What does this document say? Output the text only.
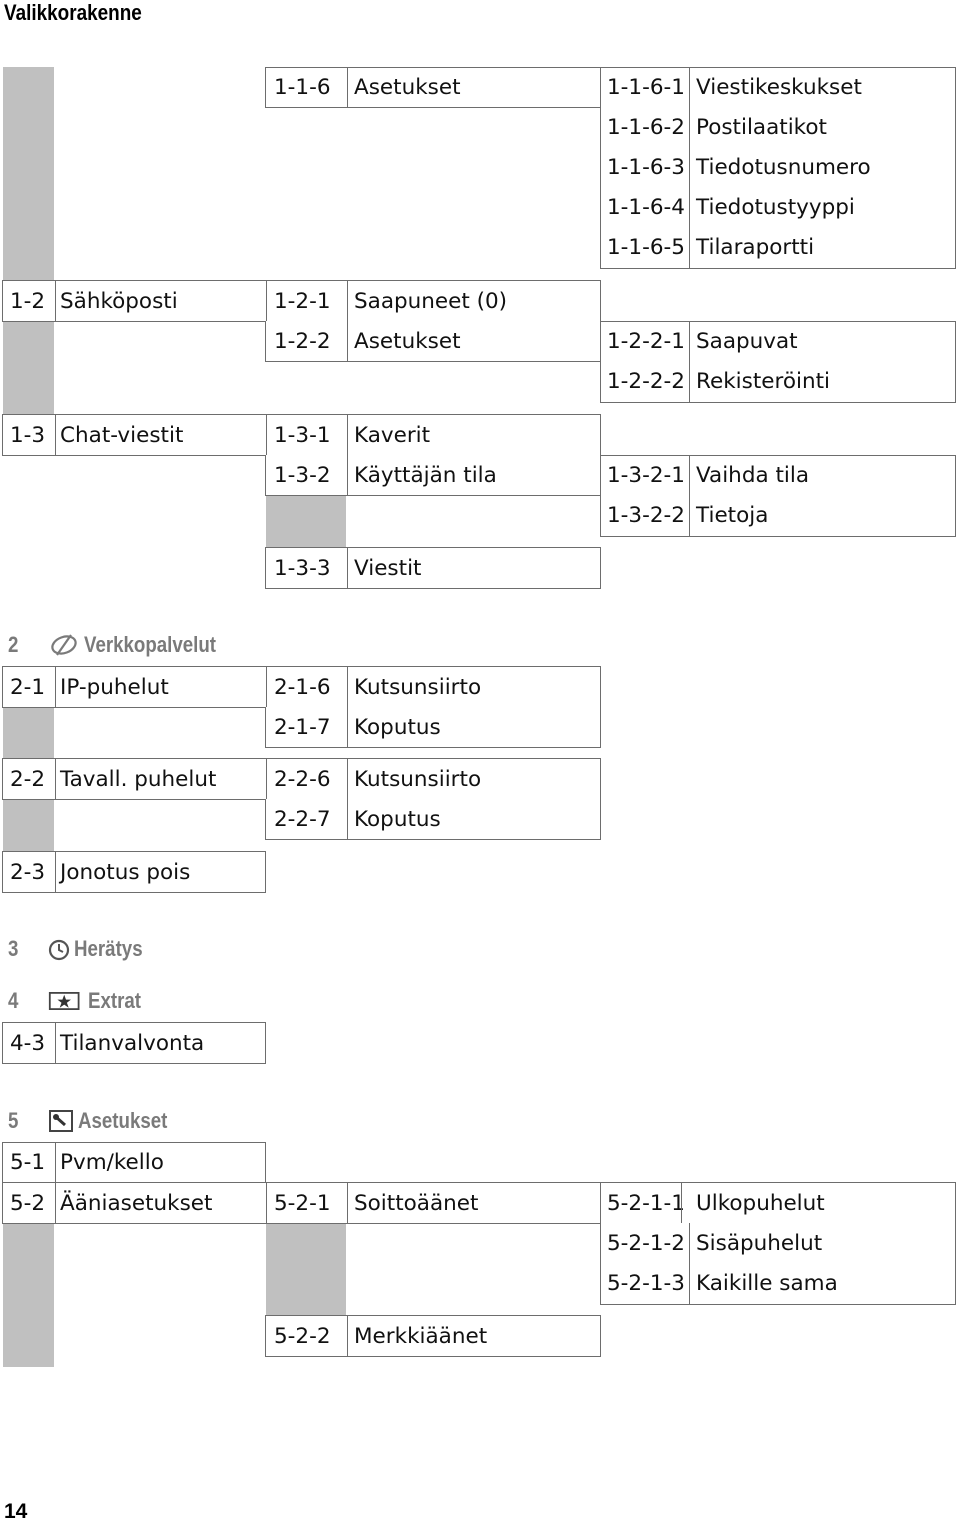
Valikkorakenne
1-1-6 Asetukset	1-1-6-1 Viestikeskukset
1-1-6-2 Postilaatikot
1-1-6-3 Tiedotusnumero
1-1-6-4 Tiedotustyyppi
1-1-6-5 Tilaraportti
1-2 Sähköposti	1-2-1 Saapuneet (0)
1-2-2 Asetukset	1-2-2-1 Saapuvat
1-2-2-2 Rekisteröinti
1-3 Chat-viestit	1-3-1 Kaverit
1-3-2 Käyttäjän tila	1-3-2-1 Vaihda tila
1-3-2-2 Tietoja
1-3-3 Viestit
2	Verkkopalvelut
2-1 IP-puhelut	2-1-6 Kutsunsiirto
2-1-7 Koputus
2-2 Tavall. puhelut	2-2-6 Kutsunsiirto
2-2-7 Koputus
2-3 Jonotus pois
3	Herätys
4	Extrat
4-3 Tilanvalvonta
5	Asetukset
5-1 Pvm/kello
5-2 Ääniasetukset	5-2-1 Soittoäänet	5-2-1-1 Ulkopuhelut
5-2-1-2 Sisäpuhelut
5-2-1-3 Kaikille sama
5-2-2 Merkkiäänet
14
